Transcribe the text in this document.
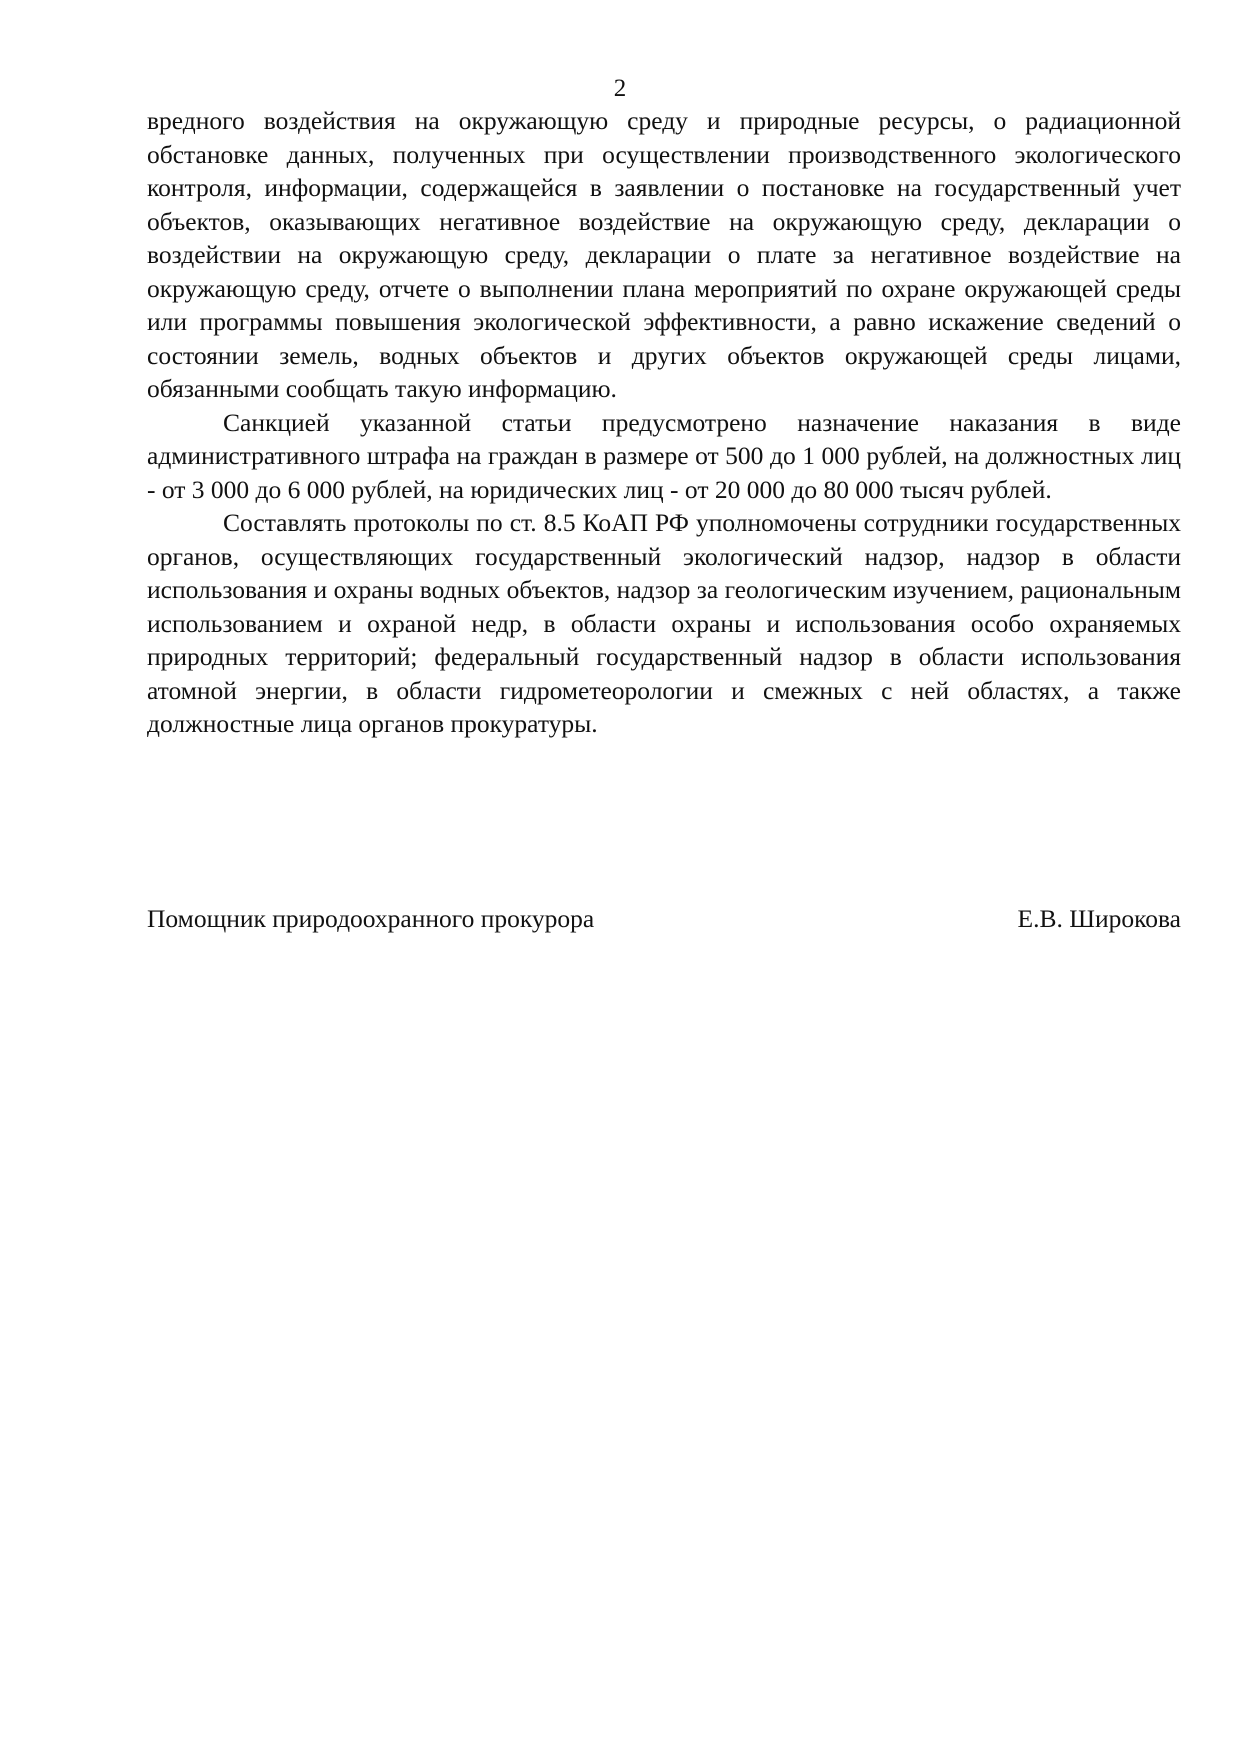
2

вредного воздействия на окружающую среду и природные ресурсы, о радиационной обстановке данных, полученных при осуществлении производственного экологического контроля, информации, содержащейся в заявлении о постановке на государственный учет объектов, оказывающих негативное воздействие на окружающую среду, декларации о воздействии на окружающую среду, декларации о плате за негативное воздействие на окружающую среду, отчете о выполнении плана мероприятий по охране окружающей среды или программы повышения экологической эффективности, а равно искажение сведений о состоянии земель, водных объектов и других объектов окружающей среды лицами, обязанными сообщать такую информацию.

Санкцией указанной статьи предусмотрено назначение наказания в виде административного штрафа на граждан в размере от 500 до 1 000 рублей, на должностных лиц - от 3 000 до 6 000 рублей, на юридических лиц - от 20 000 до 80 000 тысяч рублей.

Составлять протоколы по ст. 8.5 КоАП РФ уполномочены сотрудники государственных органов, осуществляющих государственный экологический надзор, надзор в области использования и охраны водных объектов, надзор за геологическим изучением, рациональным использованием и охраной недр, в области охраны и использования особо охраняемых природных территорий; федеральный государственный надзор в области использования атомной энергии, в области гидрометеорологии и смежных с ней областях, а также должностные лица органов прокуратуры.

Помощник природоохранного прокурора	Е.В. Широкова
